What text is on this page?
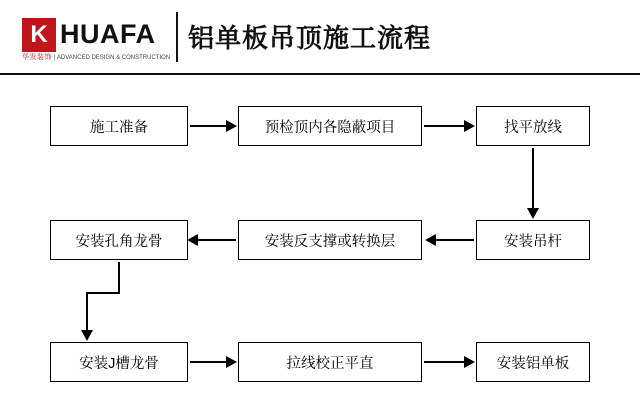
K HUAFA
华发装饰 | ADVANCED DESIGN & CONSTRUCTION
铝单板吊顶施工流程
施工准备	预检顶内各隐蔽项目	找平放线
安装吊杆
安装反支撑或转换层
安装孔角龙骨
安装J槽龙骨	拉线校正平直	安装铝单板
